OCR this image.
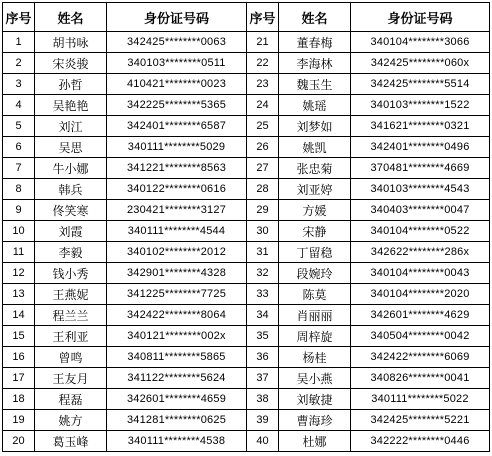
序号	姓名	身份证号码	序号	姓名	身份证号码
1	胡书咏	342425********0063	21	董春梅	340104********3066
2	宋炎骏	340103********0511	22	李海林	342425********060x
3	孙哲	410421********0023	23	魏玉生	342425********5514
4	吴艳艳	342225********5365	24	姚瑶	340103********1522
5	刘江	342401********6587	25	刘梦如	341621********0321
6	吴思	340111********5029	26	姚凯	342401********0496
7	牛小娜	341221********8563	27	张忠菊	370481********4669
8	韩兵	340122********0616	28	刘亚婷	340103********4543
9	佟笑寒	230421********3127	29	方媛	340403********0047
10	刘霞	340111********4544	30	宋静	340104********0522
11	李毅	340102********2012	31	丁留稳	342622********286x
12	钱小秀	342901********4328	32	段婉玲	340104********0043
13	王燕妮	341225********7725	33	陈莫	340104********2020
14	程兰兰	342422********8064	34	肖丽丽	342601********4629
15	王利亚	340121********002x	35	周梓旋	340504********0042
16	曾鸣	340811********5865	36	杨桂	342422********6069
17	王友月	341122********5624	37	吴小燕	340826********0041
18	程磊	342601********4659	38	刘敏捷	340111********5022
19	姚方	341281********0625	39	曹海珍	342425********5221
20	葛玉峰	340111********4538	40	杜娜	342222********0446
